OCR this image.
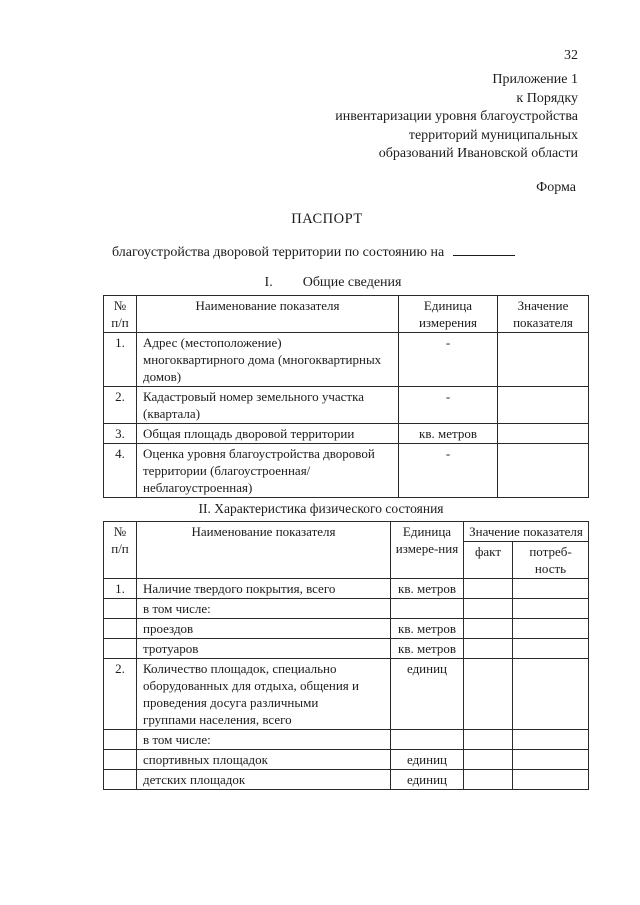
32
Приложение 1
к Порядку
инвентаризации уровня благоустройства
территорий муниципальных
образований Ивановской области
Форма
ПАСПОРТ
благоустройства дворовой территории по состоянию на
I. Общие сведения
№ п/п	Наименование показателя	Единица измерения	Значение показателя
1.	Адрес (местоположение) многоквартирного дома (многоквартирных домов)	-	
2.	Кадастровый номер земельного участка (квартала)	-	
3.	Общая площадь дворовой территории	кв. метров	
4.	Оценка уровня благоустройства дворовой территории (благоустроенная/неблагоустроенная)	-	
II. Характеристика физического состояния
№ п/п	Наименование показателя	Единица измере-ния	Значение показателя	
			факт	потреб-ность
1.	Наличие твердого покрытия, всего	кв. метров		
	в том числе:			
	проездов	кв. метров		
	тротуаров	кв. метров		
2.	Количество площадок, специально оборудованных для отдыха, общения и проведения досуга различными группами населения, всего	единиц		
	в том числе:			
	спортивных площадок	единиц		
	детских площадок	единиц		
